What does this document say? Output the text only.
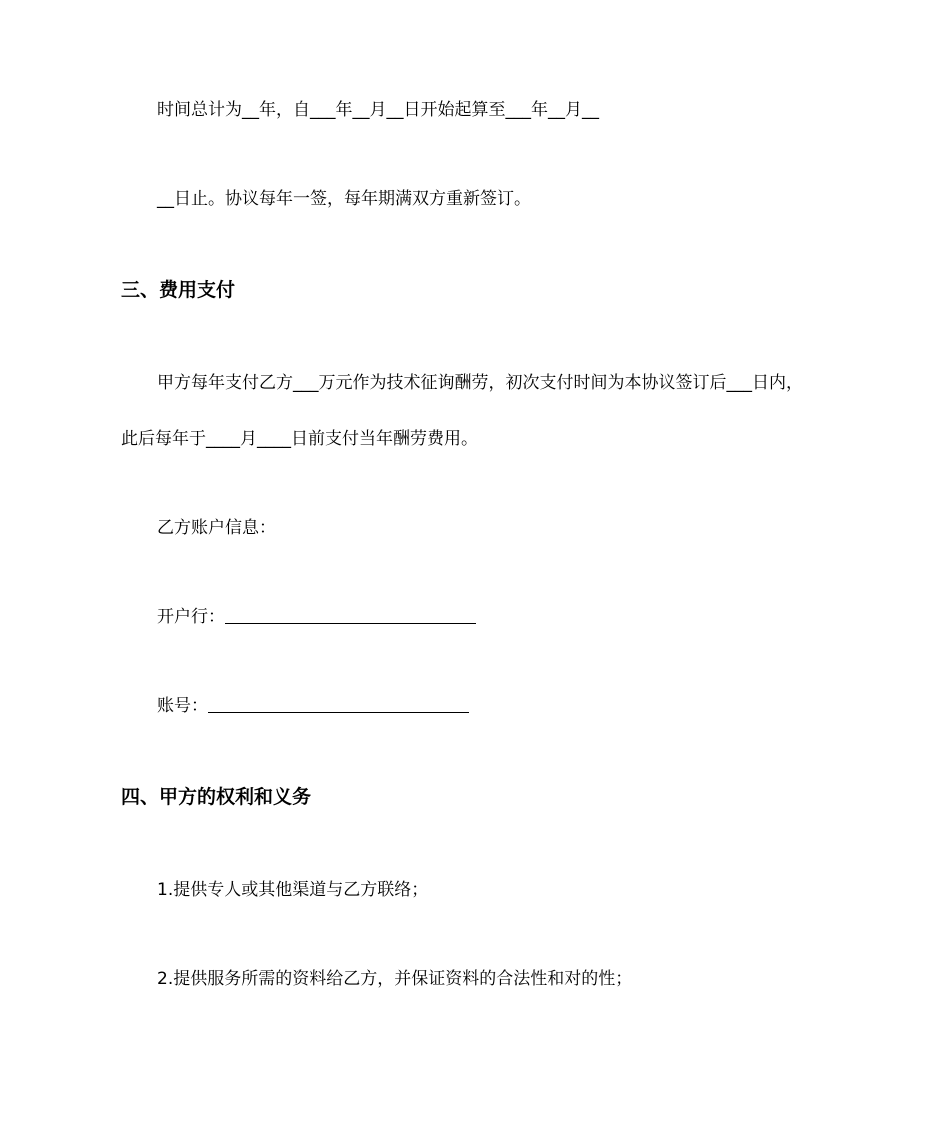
时间总计为__年，自___年__月__日开始起算至___年__月__
__日止。协议每年一签，每年期满双方重新签订。
三、费用支付
甲方每年支付乙方___万元作为技术征询酬劳，初次支付时间为本协议签订后___日内，
此后每年于____月____日前支付当年酬劳费用。
乙方账户信息：
开户行：
账号：
四、甲方的权利和义务
1.提供专人或其他渠道与乙方联络；
2.提供服务所需的资料给乙方，并保证资料的合法性和对的性；
